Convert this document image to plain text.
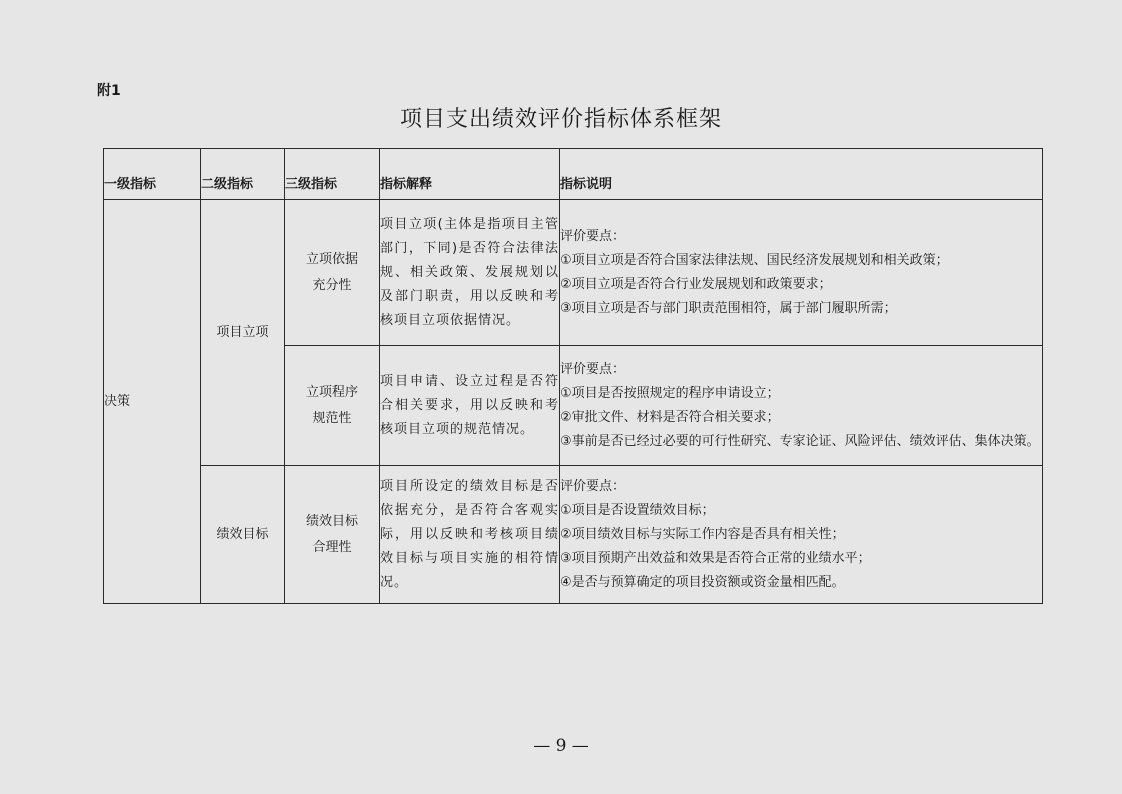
附1
项目支出绩效评价指标体系框架
一级指标	二级指标	三级指标	指标解释	指标说明
决策	项目立项	立项依据充分性	项目立项(主体是指项目主管部门，下同)是否符合法律法规、相关政策、发展规划以及部门职责，用以反映和考核项目立项依据情况。	评价要点：
①项目立项是否符合国家法律法规、国民经济发展规划和相关政策；
②项目立项是否符合行业发展规划和政策要求；
③项目立项是否与部门职责范围相符，属于部门履职所需；

		立项程序规范性	项目申请、设立过程是否符合相关要求，用以反映和考核项目立项的规范情况。	评价要点：
①项目是否按照规定的程序申请设立；
②审批文件、材料是否符合相关要求；
③事前是否已经过必要的可行性研究、专家论证、风险评估、绩效评估、集体决策。

	绩效目标	绩效目标合理性	项目所设定的绩效目标是否依据充分，是否符合客观实际，用以反映和考核项目绩效目标与项目实施的相符情况。	评价要点：
①项目是否设置绩效目标；
②项目绩效目标与实际工作内容是否具有相关性；
③项目预期产出效益和效果是否符合正常的业绩水平；
④是否与预算确定的项目投资额或资金量相匹配。
— 9 —
